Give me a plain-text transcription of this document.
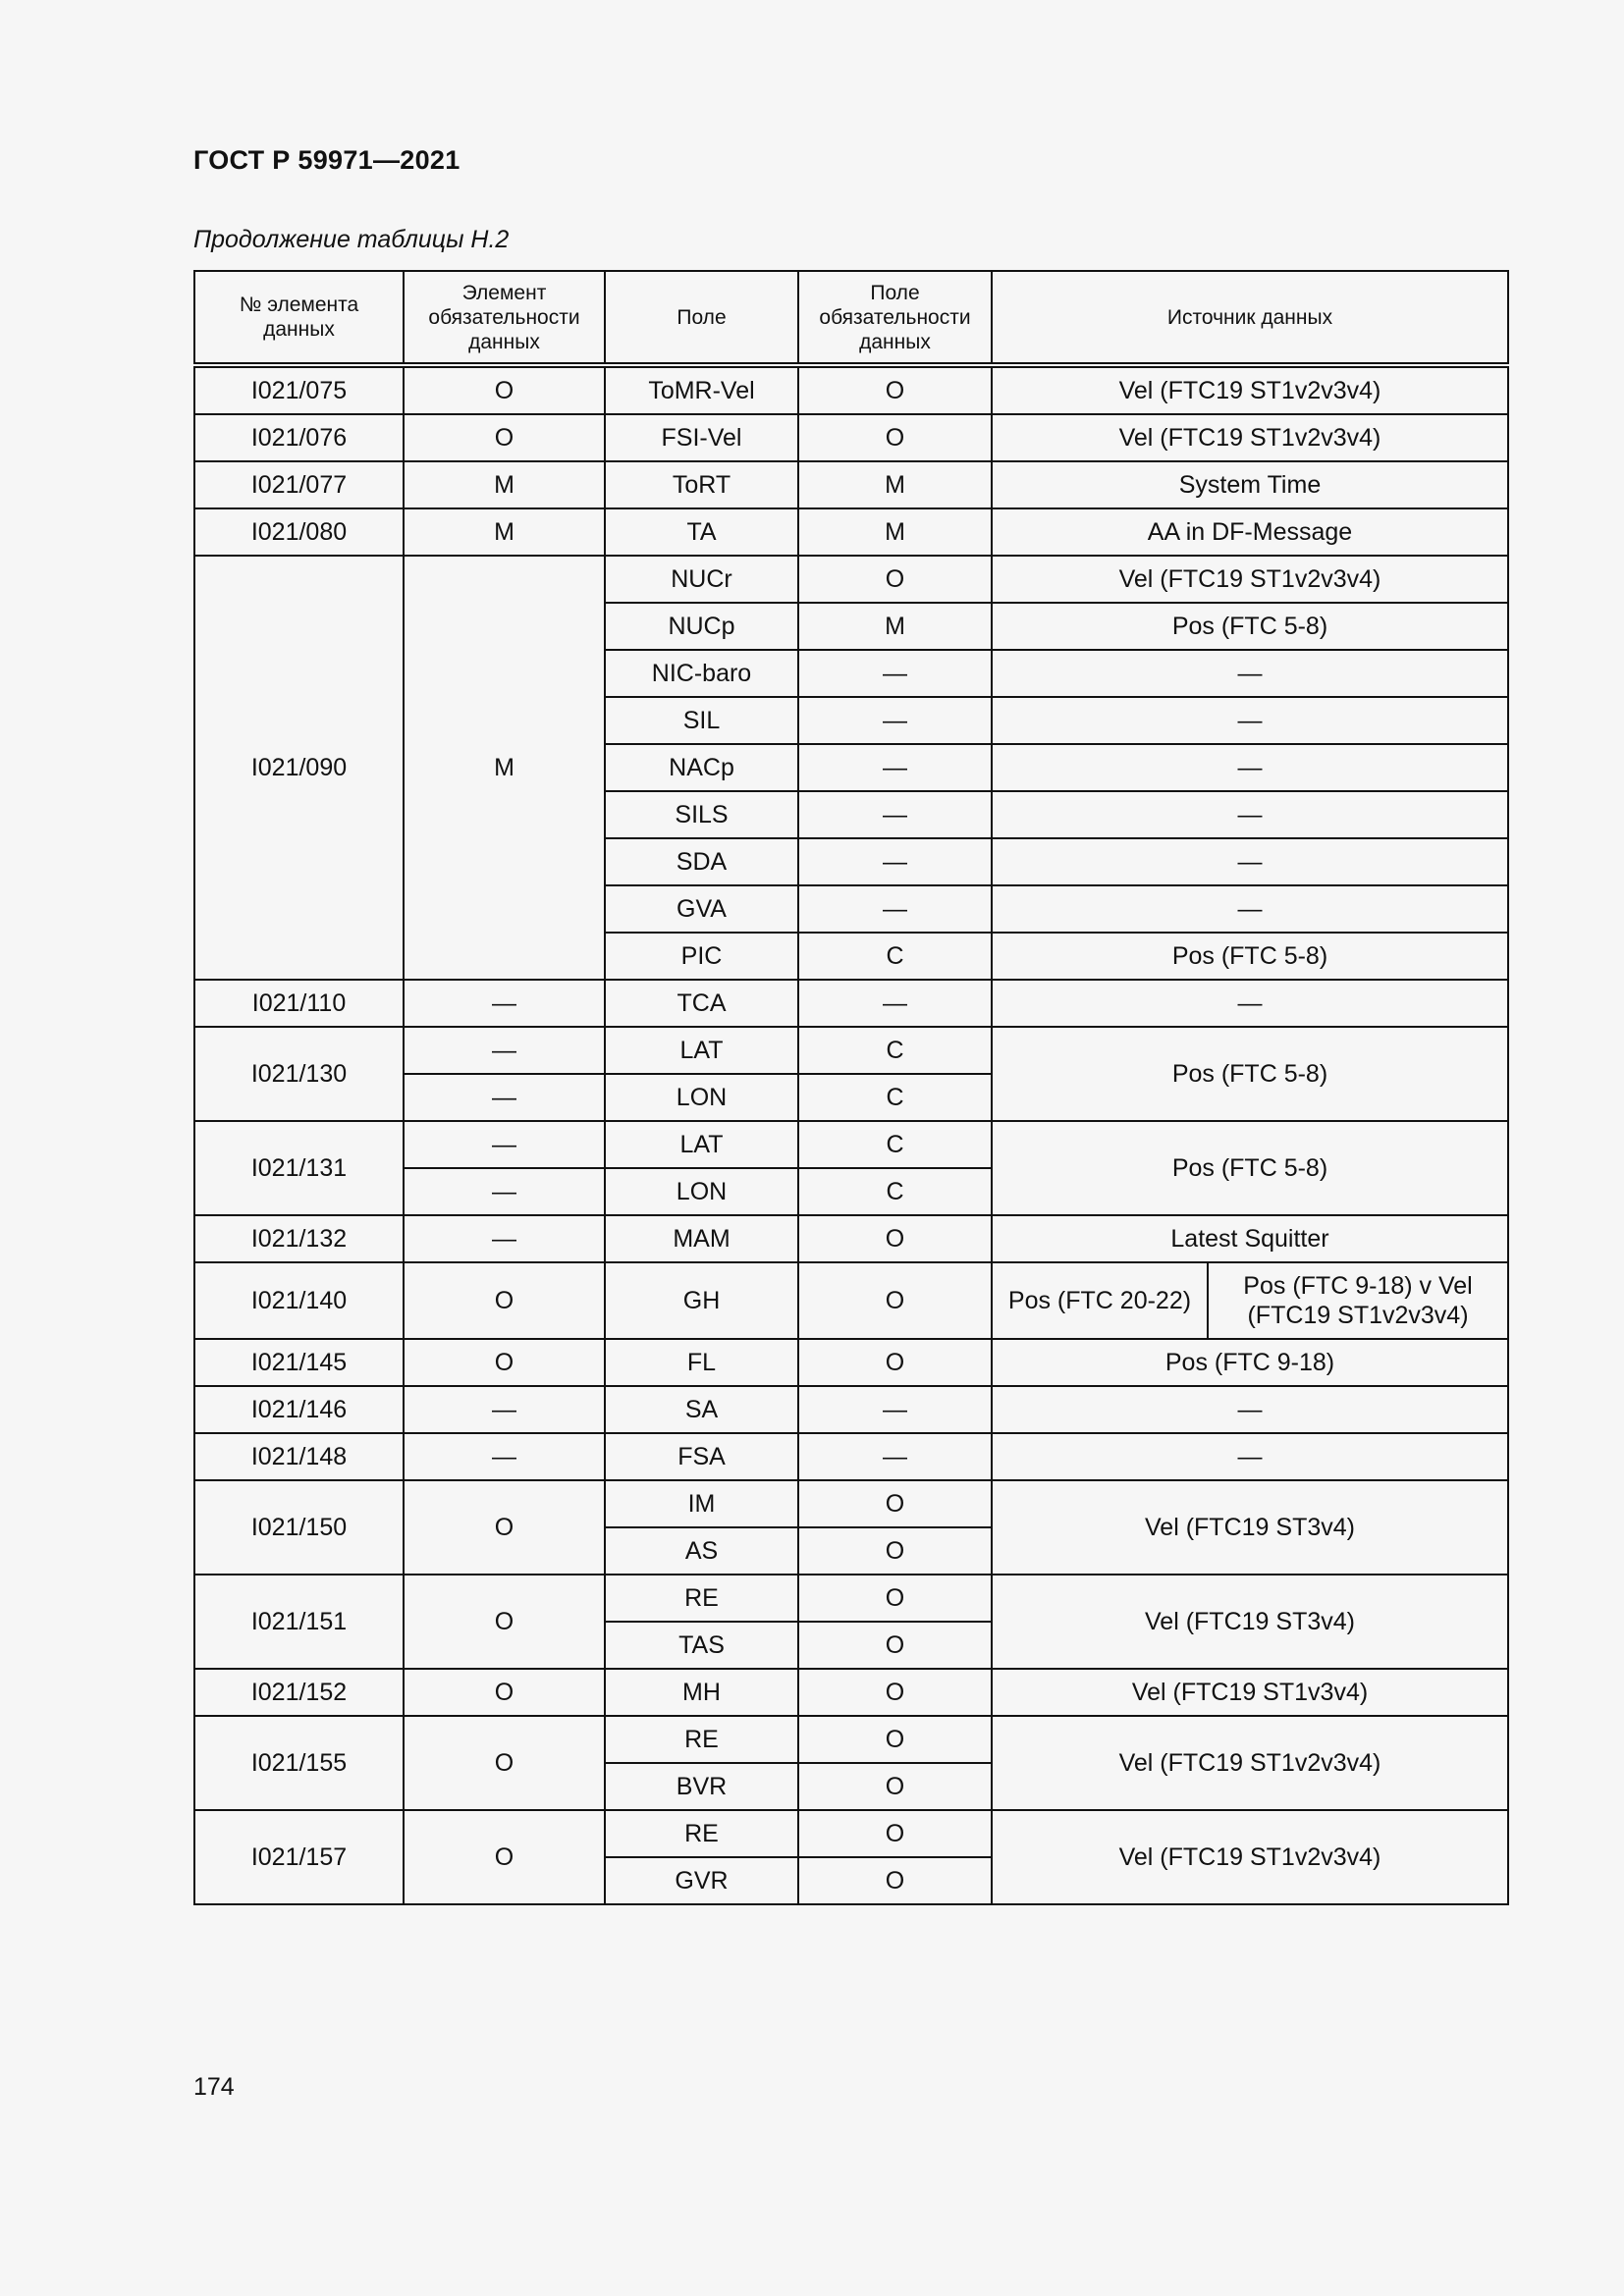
ГОСТ Р 59971—2021
Продолжение таблицы Н.2
№ элемента данных	Элемент обязательности данных	Поле	Поле обязательности данных	Источник данных	
I021/075	O	ToMR-Vel	O	Vel (FTC19 ST1v2v3v4)	
I021/076	O	FSI-Vel	O	Vel (FTC19 ST1v2v3v4)	
I021/077	M	ToRT	M	System Time	
I021/080	M	TA	M	AA in DF-Message	
I021/090	M	NUCr	O	Vel (FTC19 ST1v2v3v4)	
		NUCp	M	Pos (FTC 5-8)	
		NIC-baro	—	—	
		SIL	—	—	
		NACp	—	—	
		SILS	—	—	
		SDA	—	—	
		GVA	—	—	
		PIC	C	Pos (FTC 5-8)	
I021/110	—	TCA	—	—	
I021/130	—	LAT	C	Pos (FTC 5-8)	
	—	LON	C		
I021/131	—	LAT	C	Pos (FTC 5-8)	
	—	LON	C		
I021/132	—	MAM	O	Latest Squitter	
I021/140	O	GH	O	Pos (FTC 20-22)	Pos (FTC 9-18) v Vel (FTC19 ST1v2v3v4)
I021/145	O	FL	O	Pos (FTC 9-18)	
I021/146	—	SA	—	—	
I021/148	—	FSA	—	—	
I021/150	O	IM	O	Vel (FTC19 ST3v4)	
		AS	O		
I021/151	O	RE	O	Vel (FTC19 ST3v4)	
		TAS	O		
I021/152	O	MH	O	Vel (FTC19 ST1v3v4)	
I021/155	O	RE	O	Vel (FTC19 ST1v2v3v4)	
		BVR	O		
I021/157	O	RE	O	Vel (FTC19 ST1v2v3v4)	
		GVR	O		
174
